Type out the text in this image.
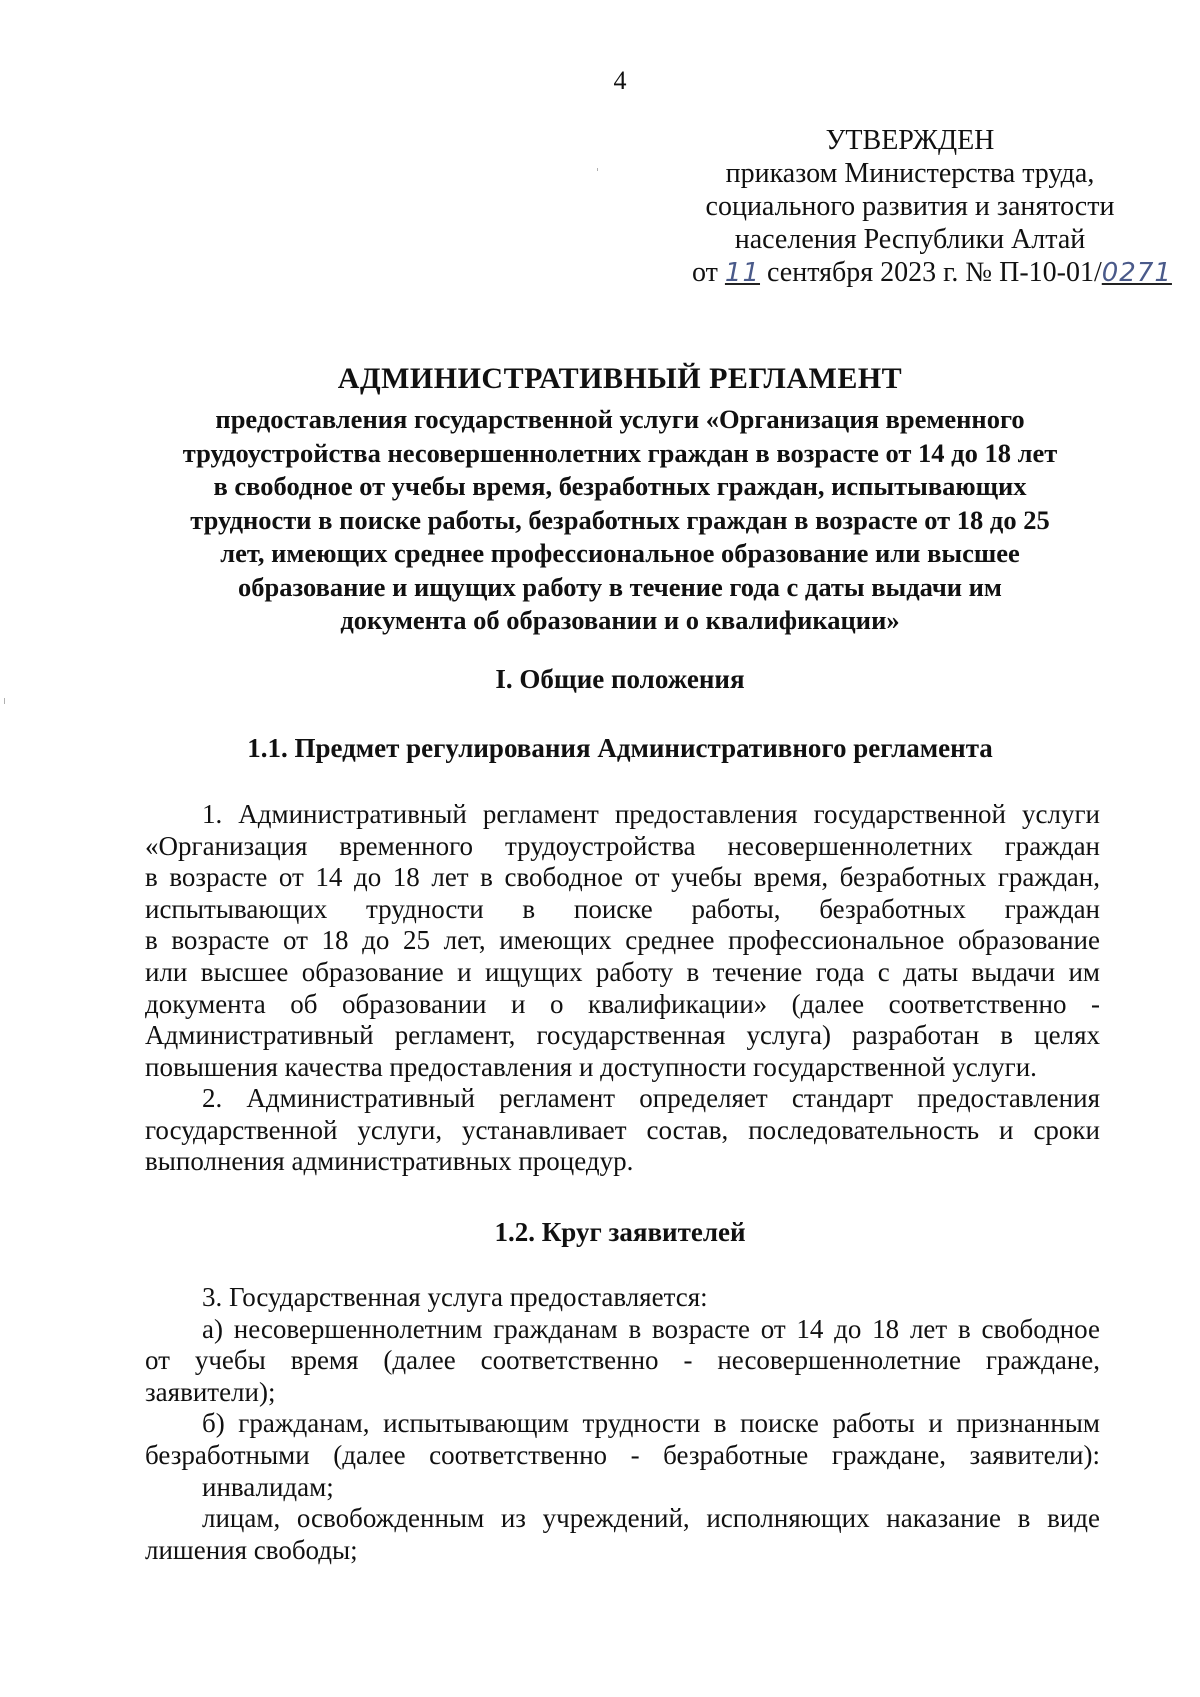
4
УТВЕРЖДЕН
приказом Министерства труда,
социального развития и занятости
населения Республики Алтай
от 11 сентября 2023 г. № П-10-01/0271
АДМИНИСТРАТИВНЫЙ РЕГЛАМЕНТ
предоставления государственной услуги «Организация временного
трудоустройства несовершеннолетних граждан в возрасте от 14 до 18 лет
в свободное от учебы время, безработных граждан, испытывающих
трудности в поиске работы, безработных граждан в возрасте от 18 до 25
лет, имеющих среднее профессиональное образование или высшее
образование и ищущих работу в течение года с даты выдачи им
документа об образовании и о квалификации»
I. Общие положения
1.1. Предмет регулирования Административного регламента
1. Административный регламент предоставления государственной услуги
«Организация временного трудоустройства несовершеннолетних граждан
в возрасте от 14 до 18 лет в свободное от учебы время, безработных граждан,
испытывающих трудности в поиске работы, безработных граждан
в возрасте от 18 до 25 лет, имеющих среднее профессиональное образование
или высшее образование и ищущих работу в течение года с даты выдачи им
документа об образовании и о квалификации» (далее соответственно -
Административный регламент, государственная услуга) разработан в целях
повышения качества предоставления и доступности государственной услуги.
2. Административный регламент определяет стандарт предоставления
государственной услуги, устанавливает состав, последовательность и сроки
выполнения административных процедур.
1.2. Круг заявителей
3. Государственная услуга предоставляется:
а) несовершеннолетним гражданам в возрасте от 14 до 18 лет в свободное
от учебы время (далее соответственно - несовершеннолетние граждане,
заявители);
б) гражданам, испытывающим трудности в поиске работы и признанным
безработными (далее соответственно - безработные граждане, заявители):
инвалидам;
лицам, освобожденным из учреждений, исполняющих наказание в виде
лишения свободы;
